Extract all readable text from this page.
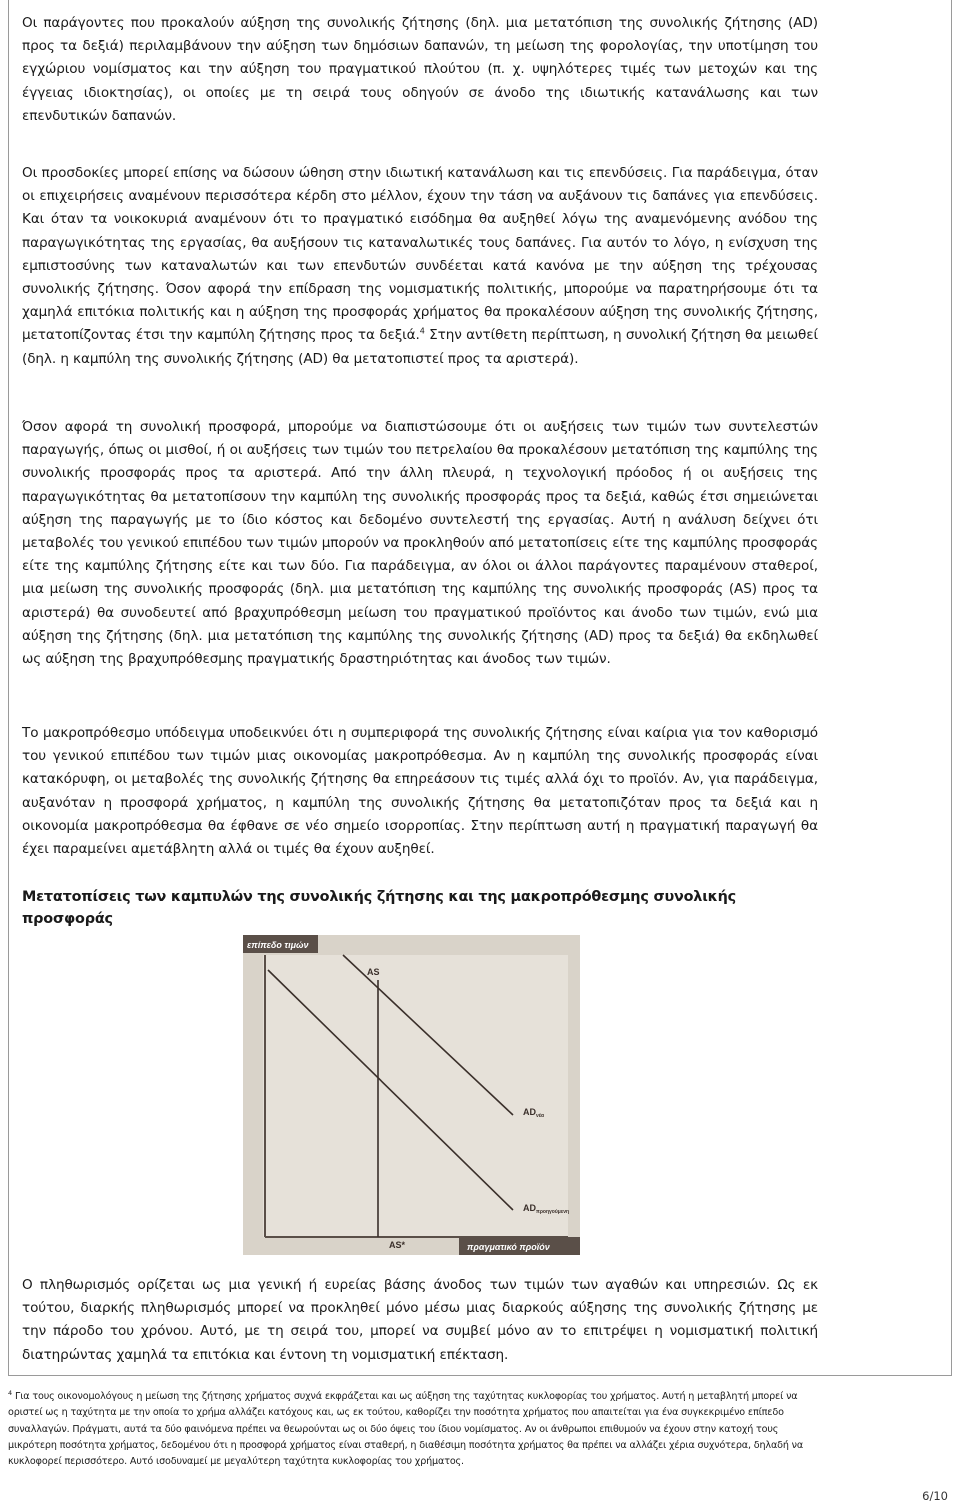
Οι παράγοντες που προκαλούν αύξηση της συνολικής ζήτησης (δηλ. μια μετατόπιση της συνολικής ζήτησης (AD) προς τα δεξιά) περιλαμβάνουν την αύξηση των δημόσιων δαπανών, τη μείωση της φορολογίας, την υποτίμηση του εγχώριου νομίσματος και την αύξηση του πραγματικού πλούτου (π. χ. υψηλότερες τιμές των μετοχών και της έγγειας ιδιοκτησίας), οι οποίες με τη σειρά τους οδηγούν σε άνοδο της ιδιωτικής κατανάλωσης και των επενδυτικών δαπανών.

Οι προσδοκίες μπορεί επίσης να δώσουν ώθηση στην ιδιωτική κατανάλωση και τις επενδύσεις. Για παράδειγμα, όταν οι επιχειρήσεις αναμένουν περισσότερα κέρδη στο μέλλον, έχουν την τάση να αυξάνουν τις δαπάνες για επενδύσεις. Και όταν τα νοικοκυριά αναμένουν ότι το πραγματικό εισόδημα θα αυξηθεί λόγω της αναμενόμενης ανόδου της παραγωγικότητας της εργασίας, θα αυξήσουν τις καταναλωτικές τους δαπάνες. Για αυτόν το λόγο, η ενίσχυση της εμπιστοσύνης των καταναλωτών και των επενδυτών συνδέεται κατά κανόνα με την αύξηση της τρέχουσας συνολικής ζήτησης. Όσον αφορά την επίδραση της νομισματικής πολιτικής, μπορούμε να παρατηρήσουμε ότι τα χαμηλά επιτόκια πολιτικής και η αύξηση της προσφοράς χρήματος θα προκαλέσουν αύξηση της συνολικής ζήτησης, μετατοπίζοντας έτσι την καμπύλη ζήτησης προς τα δεξιά.$^4$ Στην αντίθετη περίπτωση, η συνολική ζήτηση θα μειωθεί (δηλ. η καμπύλη της συνολικής ζήτησης (AD) θα μετατοπιστεί προς τα αριστερά).

Όσον αφορά τη συνολική προσφορά, μπορούμε να διαπιστώσουμε ότι οι αυξήσεις των τιμών των συντελεστών παραγωγής, όπως οι μισθοί, ή οι αυξήσεις των τιμών του πετρελαίου θα προκαλέσουν μετατόπιση της καμπύλης της συνολικής προσφοράς προς τα αριστερά. Από την άλλη πλευρά, η τεχνολογική πρόοδος ή οι αυξήσεις της παραγωγικότητας θα μετατοπίσουν την καμπύλη της συνολικής προσφοράς προς τα δεξιά, καθώς έτσι σημειώνεται αύξηση της παραγωγής με το ίδιο κόστος και δεδομένο συντελεστή της εργασίας. Αυτή η ανάλυση δείχνει ότι μεταβολές του γενικού επιπέδου των τιμών μπορούν να προκληθούν από μετατοπίσεις είτε της καμπύλης προσφοράς είτε της καμπύλης ζήτησης είτε και των δύο. Για παράδειγμα, αν όλοι οι άλλοι παράγοντες παραμένουν σταθεροί, μια μείωση της συνολικής προσφοράς (δηλ. μια μετατόπιση της καμπύλης της συνολικής προσφοράς (AS) προς τα αριστερά) θα συνοδευτεί από βραχυπρόθεσμη μείωση του πραγματικού προϊόντος και άνοδο των τιμών, ενώ μια αύξηση της ζήτησης (δηλ. μια μετατόπιση της καμπύλης της συνολικής ζήτησης (AD) προς τα δεξιά) θα εκδηλωθεί ως αύξηση της βραχυπρόθεσμης πραγματικής δραστηριότητας και άνοδος των τιμών.

Το μακροπρόθεσμο υπόδειγμα υποδεικνύει ότι η συμπεριφορά της συνολικής ζήτησης είναι καίρια για τον καθορισμό του γενικού επιπέδου των τιμών μιας οικονομίας μακροπρόθεσμα. Αν η καμπύλη της συνολικής προσφοράς είναι κατακόρυφη, οι μεταβολές της συνολικής ζήτησης θα επηρεάσουν τις τιμές αλλά όχι το προϊόν. Αν, για παράδειγμα, αυξανόταν η προσφορά χρήματος, η καμπύλη της συνολικής ζήτησης θα μετατοπιζόταν προς τα δεξιά και η οικονομία μακροπρόθεσμα θα έφθανε σε νέο σημείο ισορροπίας. Στην περίπτωση αυτή η πραγματική παραγωγή θα έχει παραμείνει αμετάβλητη αλλά οι τιμές θα έχουν αυξηθεί.

Μετατοπίσεις των καμπυλών της συνολικής ζήτησης και της μακροπρόθεσμης συνολικής προσφοράς

Ο πληθωρισμός ορίζεται ως μια γενική ή ευρείας βάσης άνοδος των τιμών των αγαθών και υπηρεσιών. Ως εκ τούτου, διαρκής πληθωρισμός μπορεί να προκληθεί μόνο μέσω μιας διαρκούς αύξησης της συνολικής ζήτησης με την πάροδο του χρόνου. Αυτό, με τη σειρά του, μπορεί να συμβεί μόνο αν το επιτρέψει η νομισματική πολιτική διατηρώντας χαμηλά τα επιτόκια και έντονη τη νομισματική επέκταση.

επίπεδο τιμών
πραγματικό προϊόν
AS
AS*
$AD_{\nu έ\alpha}$
$AD_{\pi\rho o\eta\gamma oύ\mu\varepsilon\nu\eta}$
$^4$ Για τους οικονομολόγους η μείωση της ζήτησης χρήματος συχνά εκφράζεται και ως αύξηση της ταχύτητας κυκλοφορίας του χρήματος. Αυτή η μεταβλητή μπορεί να οριστεί ως η ταχύτητα με την οποία το χρήμα αλλάζει κατόχους και, ως εκ τούτου, καθορίζει την ποσότητα χρήματος που απαιτείται για ένα συγκεκριμένο επίπεδο συναλλαγών. Πράγματι, αυτά τα δύο φαινόμενα πρέπει να θεωρούνται ως οι δύο όψεις του ίδιου νομίσματος. Αν οι άνθρωποι επιθυμούν να έχουν στην κατοχή τους μικρότερη ποσότητα χρήματος, δεδομένου ότι η προσφορά χρήματος είναι σταθερή, η διαθέσιμη ποσότητα χρήματος θα πρέπει να αλλάζει χέρια συχνότερα, δηλαδή να κυκλοφορεί περισσότερο. Αυτό ισοδυναμεί με μεγαλύτερη ταχύτητα κυκλοφορίας του χρήματος.
6/10
